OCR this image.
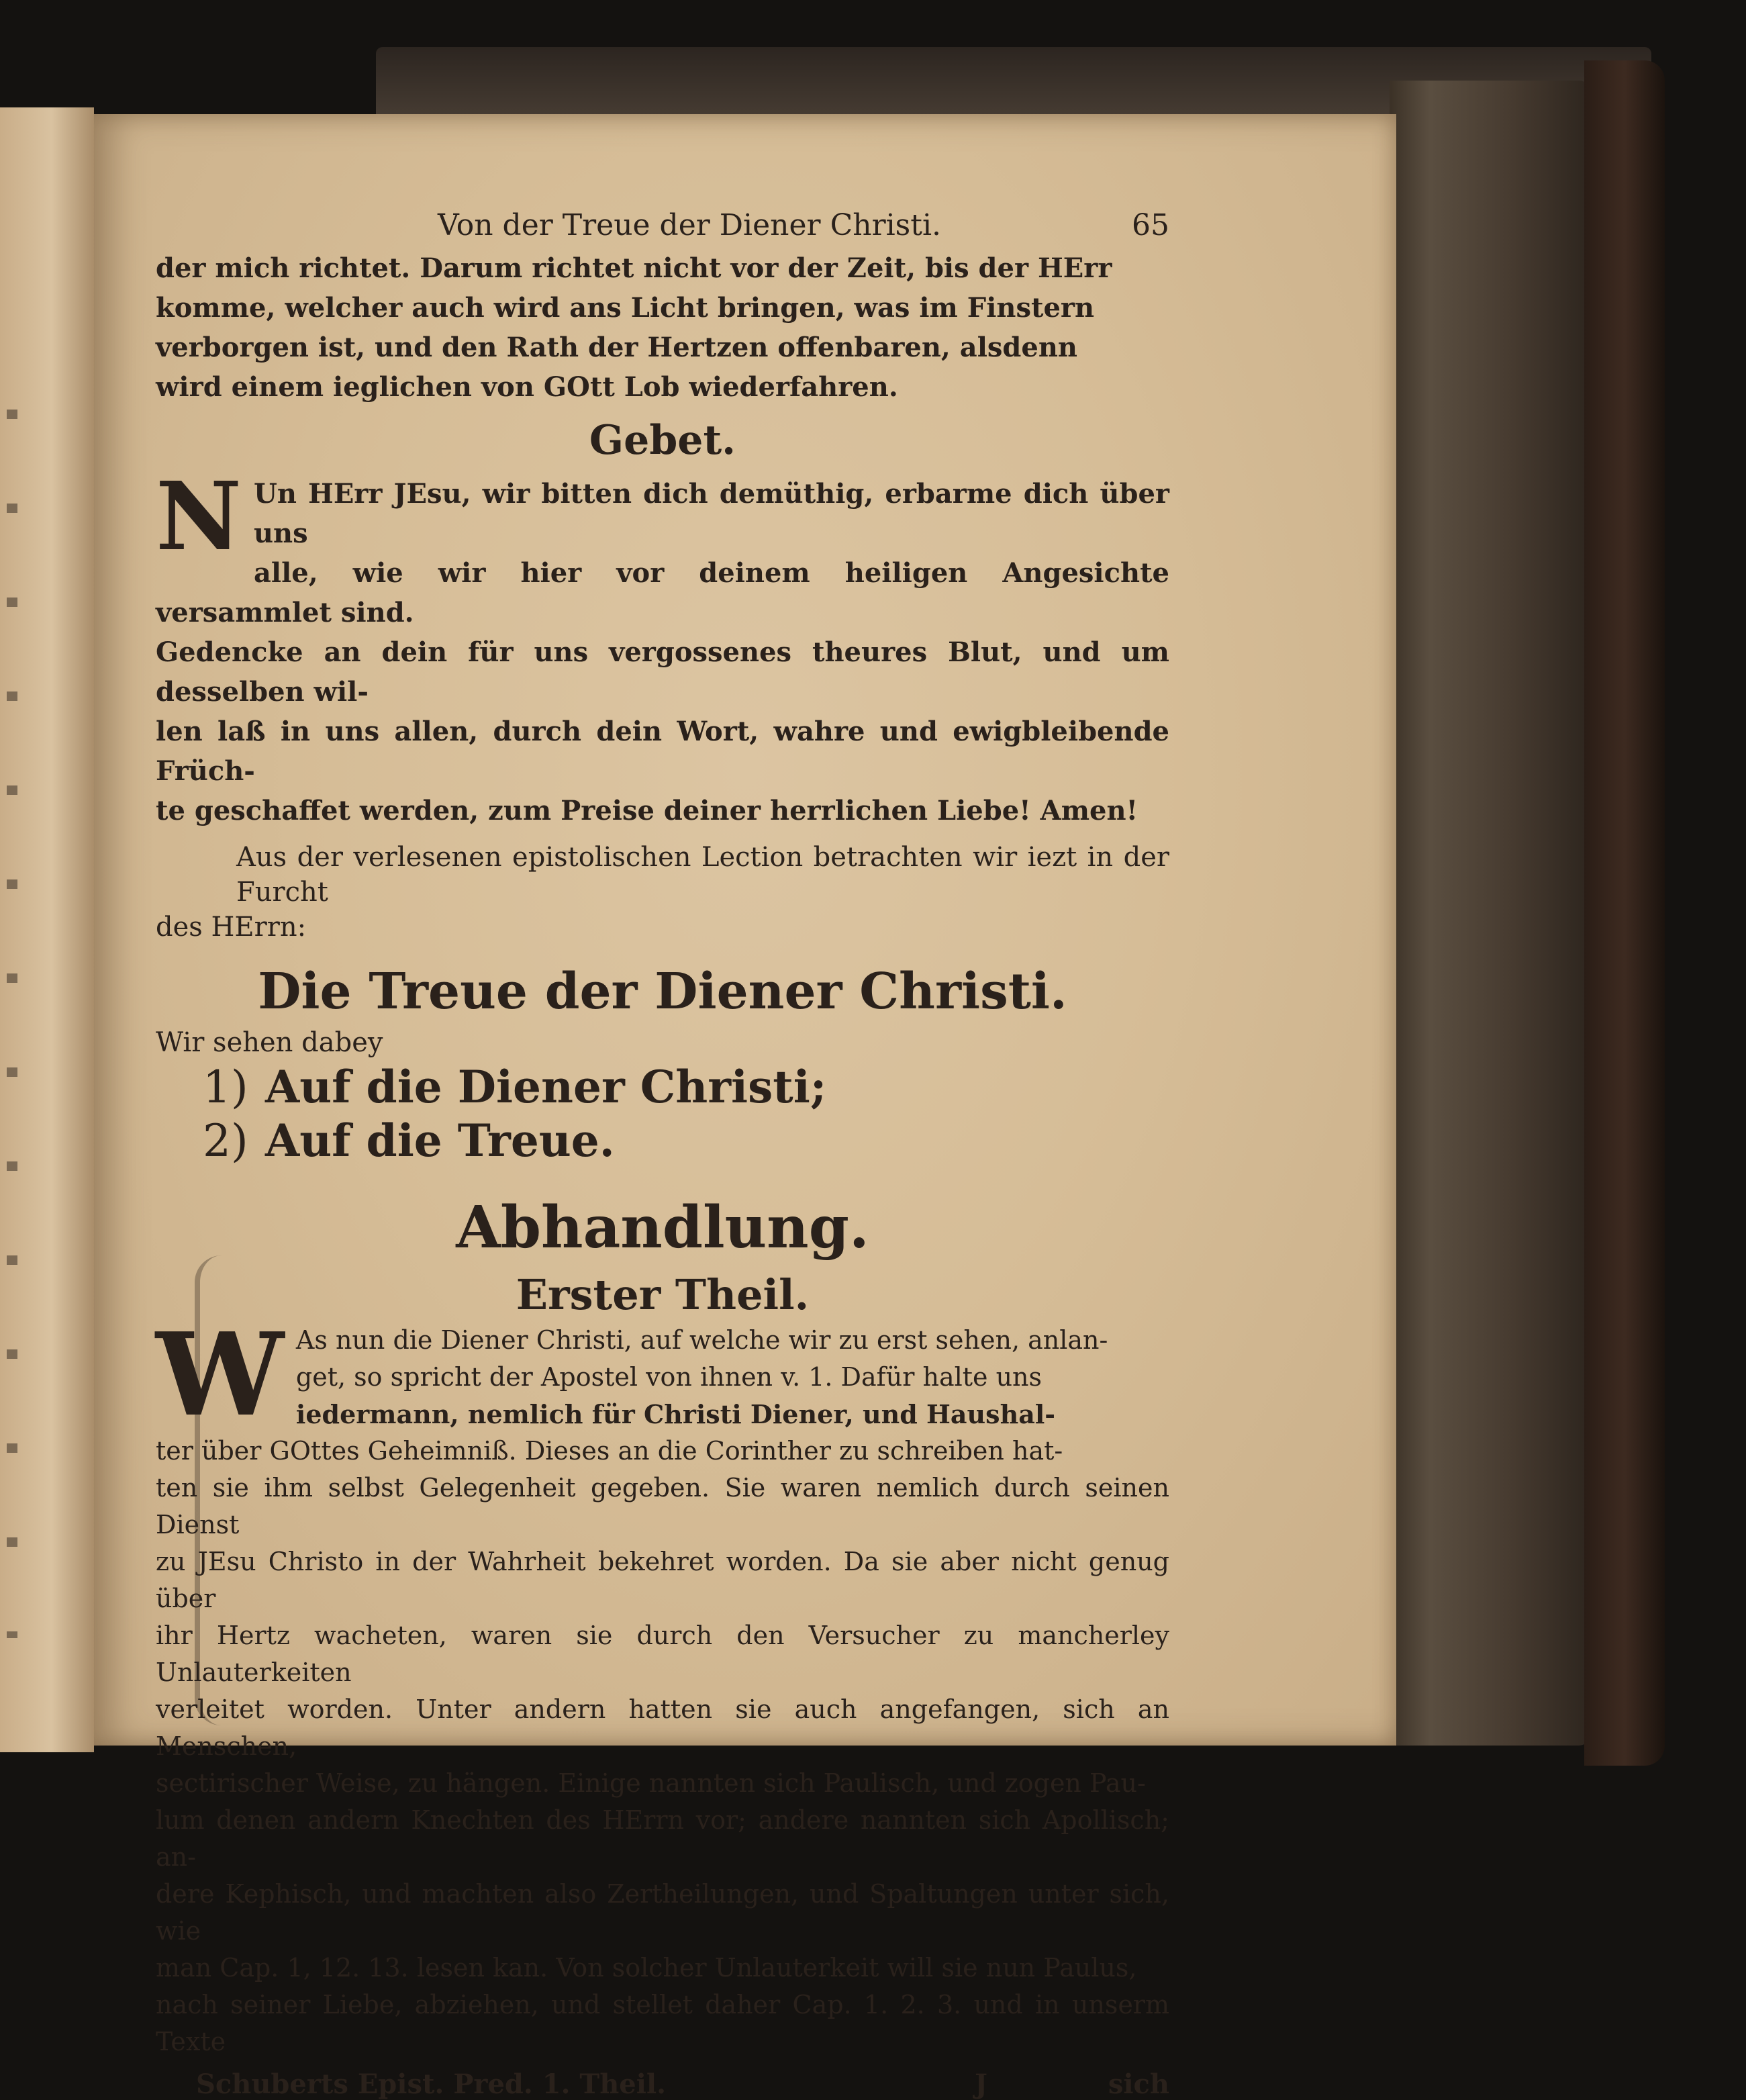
Von der Treue der Diener Christi.	65

der mich richtet. Darum richtet nicht vor der Zeit, bis der HErr

komme, welcher auch wird ans Licht bringen, was im Finstern

verborgen ist, und den Rath der Hertzen offenbaren, alsdenn

wird einem ieglichen von GOtt Lob wiederfahren.

Gebet.
N Un HErr JEsu, wir bitten dich demüthig, erbarme dich über uns

alle, wie wir hier vor deinem heiligen Angesichte versammlet sind.

Gedencke an dein für uns vergossenes theures Blut, und um desselben wil-

len laß in uns allen, durch dein Wort, wahre und ewigbleibende Früch-

te geschaffet werden, zum Preise deiner herrlichen Liebe! Amen!

Aus der verlesenen epistolischen Lection betrachten wir iezt in der Furcht

des HErrn:

Die Treue der Diener Christi.

Wir sehen dabey

1) Auf die Diener Christi;
2) Auf die Treue.
Abhandlung.
Erster Theil.
W As nun die Diener Christi, auf welche wir zu erst sehen, anlan-

get, so spricht der Apostel von ihnen v. 1. Dafür halte uns

iedermann, nemlich für Christi Diener, und Haushal-

ter über GOttes Geheimniß. Dieses an die Corinther zu schreiben hat-

ten sie ihm selbst Gelegenheit gegeben. Sie waren nemlich durch seinen Dienst

zu JEsu Christo in der Wahrheit bekehret worden. Da sie aber nicht genug über

ihr Hertz wacheten, waren sie durch den Versucher zu mancherley Unlauterkeiten

verleitet worden. Unter andern hatten sie auch angefangen, sich an Menschen,

sectirischer Weise, zu hängen. Einige nannten sich Paulisch, und zogen Pau-

lum denen andern Knechten des HErrn vor; andere nannten sich Apollisch; an-

dere Kephisch, und machten also Zertheilungen, und Spaltungen unter sich, wie

man Cap. 1, 12. 13. lesen kan. Von solcher Unlauterkeit will sie nun Paulus,

nach seiner Liebe, abziehen, und stellet daher Cap. 1. 2. 3. und in unserm Texte

Schuberts Epist. Pred. 1. Theil.	J	sich
